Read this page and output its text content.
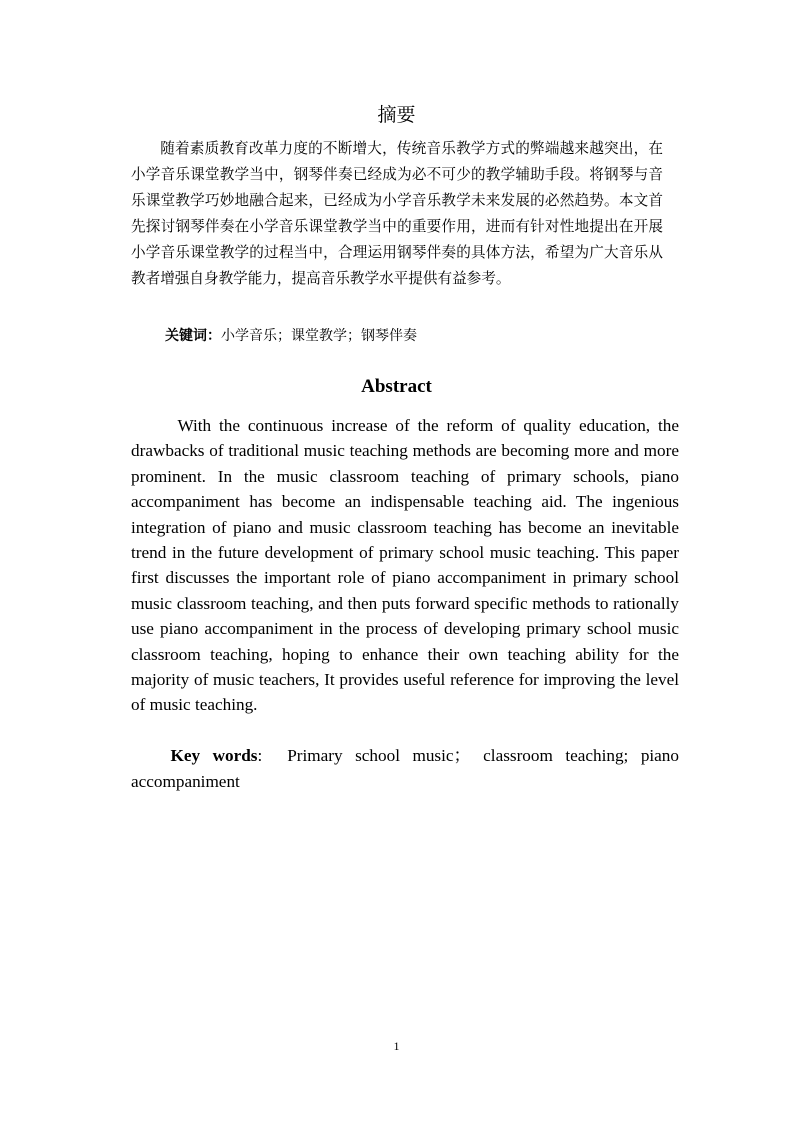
摘要

随着素质教育改革力度的不断增大，传统音乐教学方式的弊端越来越突出，在小学音乐课堂教学当中，钢琴伴奏已经成为必不可少的教学辅助手段。将钢琴与音乐课堂教学巧妙地融合起来，已经成为小学音乐教学未来发展的必然趋势。本文首先探讨钢琴伴奏在小学音乐课堂教学当中的重要作用，进而有针对性地提出在开展小学音乐课堂教学的过程当中，合理运用钢琴伴奏的具体方法，希望为广大音乐从教者增强自身教学能力，提高音乐教学水平提供有益参考。

关键词：小学音乐；课堂教学；钢琴伴奏

Abstract

With the continuous increase of the reform of quality education, the drawbacks of traditional music teaching methods are becoming more and more prominent. In the music classroom teaching of primary schools, piano accompaniment has become an indispensable teaching aid. The ingenious integration of piano and music classroom teaching has become an inevitable trend in the future development of primary school music teaching. This paper first discusses the important role of piano accompaniment in primary school music classroom teaching, and then puts forward specific methods to rationally use piano accompaniment in the process of developing primary school music classroom teaching, hoping to enhance their own teaching ability for the majority of music teachers, It provides useful reference for improving the level of music teaching.

Key words: Primary school music； classroom teaching; piano accompaniment

1
